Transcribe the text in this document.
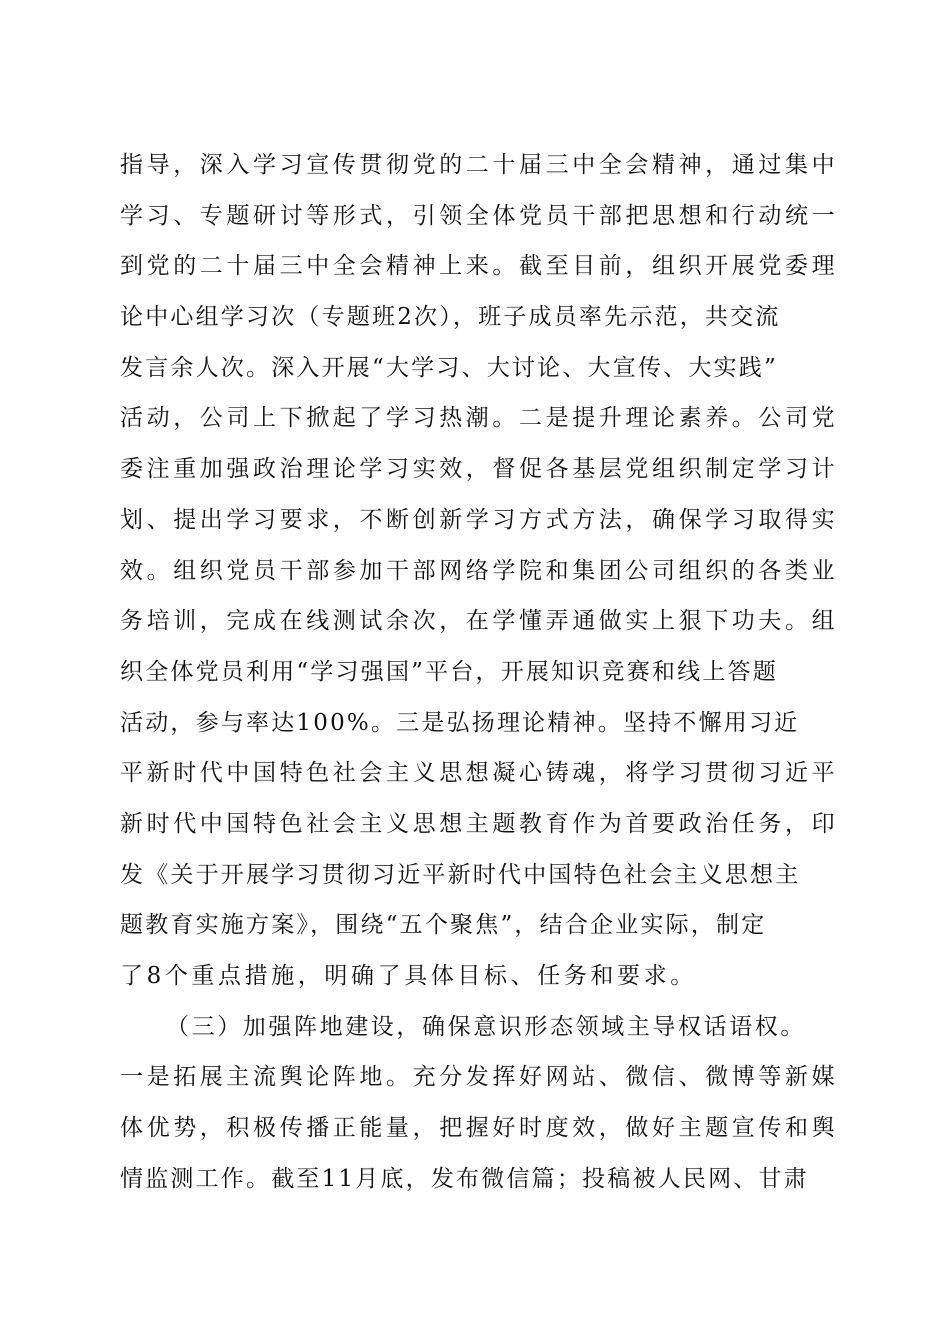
指导，深入学习宣传贯彻党的二十届三中全会精神，通过集中
学习、专题研讨等形式，引领全体党员干部把思想和行动统一
到党的二十届三中全会精神上来。截至目前，组织开展党委理
论中心组学习次（专题班2次），班子成员率先示范，共交流
发言余人次。深入开展“大学习、大讨论、大宣传、大实践”
活动，公司上下掀起了学习热潮。二是提升理论素养。公司党
委注重加强政治理论学习实效，督促各基层党组织制定学习计
划、提出学习要求，不断创新学习方式方法，确保学习取得实
效。组织党员干部参加干部网络学院和集团公司组织的各类业
务培训，完成在线测试余次，在学懂弄通做实上狠下功夫。组
织全体党员利用“学习强国”平台，开展知识竞赛和线上答题
活动，参与率达100%。三是弘扬理论精神。坚持不懈用习近
平新时代中国特色社会主义思想凝心铸魂，将学习贯彻习近平
新时代中国特色社会主义思想主题教育作为首要政治任务，印
发《关于开展学习贯彻习近平新时代中国特色社会主义思想主
题教育实施方案》，围绕“五个聚焦”，结合企业实际，制定
了8个重点措施，明确了具体目标、任务和要求。
（三）加强阵地建设，确保意识形态领域主导权话语权。
一是拓展主流舆论阵地。充分发挥好网站、微信、微博等新媒
体优势，积极传播正能量，把握好时度效，做好主题宣传和舆
情监测工作。截至11月底，发布微信篇；投稿被人民网、甘肃
